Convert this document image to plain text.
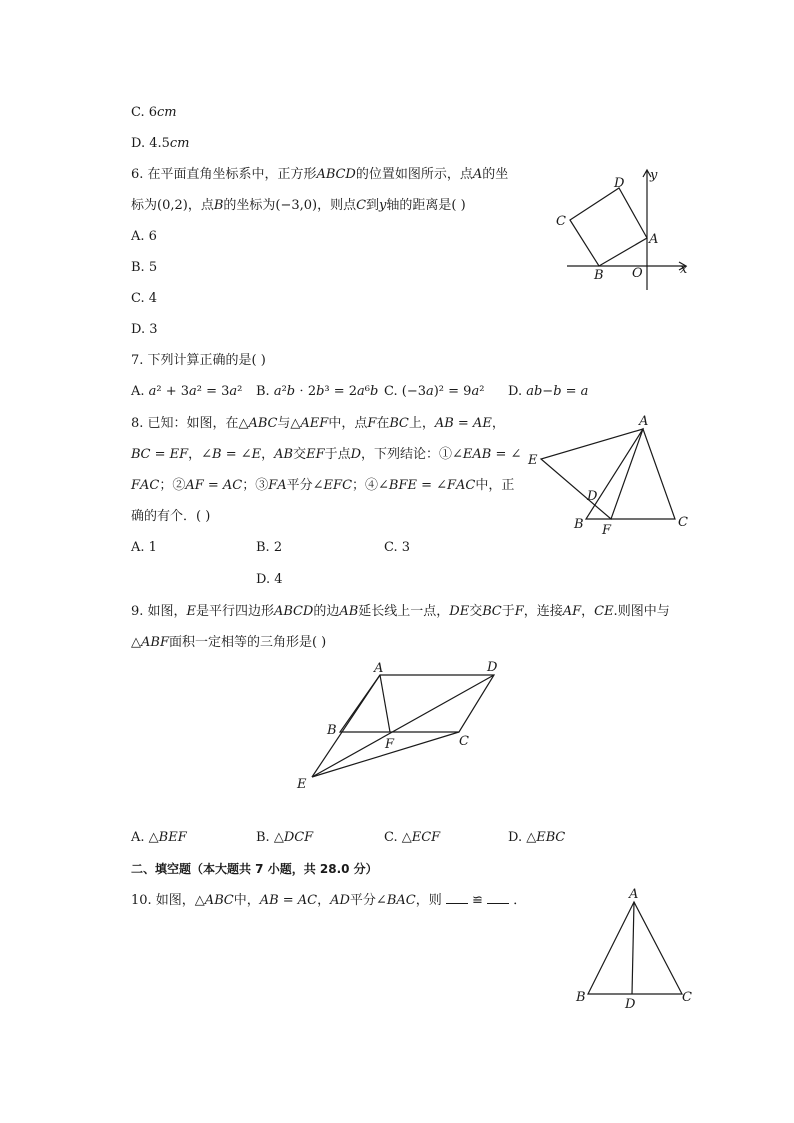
C. 6𝑐𝑚
D. 4.5𝑐𝑚
6. 在平面直角坐标系中，正方形𝐴𝐵𝐶𝐷的位置如图所示，点𝐴的坐
标为(0,2)，点𝐵的坐标为(−3,0)，则点𝐶到𝑦轴的距离是( )
A. 6
B. 5
C. 4
D. 3
D
C
A
B O	x
y
7. 下列计算正确的是( )
A. 𝑎² + 3𝑎² = 3𝑎² B. 𝑎²𝑏 ⋅ 2𝑏³ = 2𝑎⁶𝑏 C. (−3𝑎)² = 9𝑎² D. 𝑎𝑏−𝑏 = 𝑎
8. 已知：如图，在△𝐴𝐵𝐶与△𝐴𝐸𝐹中，点𝐹在𝐵𝐶上，𝐴𝐵 = 𝐴𝐸，
𝐵𝐶 = 𝐸𝐹，∠𝐵 = ∠𝐸，𝐴𝐵交𝐸𝐹于点𝐷，下列结论：①∠𝐸𝐴𝐵 = ∠
𝐹𝐴𝐶；②𝐴𝐹 = 𝐴𝐶；③𝐹𝐴平分∠𝐸𝐹𝐶；④∠𝐵𝐹𝐸 = ∠𝐹𝐴𝐶中，正
确的有个．( )
A. 1	B. 2	C. 3
D. 4
A
E
D
B F
C
9. 如图，𝐸是平行四边形𝐴𝐵𝐶𝐷的边𝐴𝐵延长线上一点，𝐷𝐸交𝐵𝐶于𝐹，连接𝐴𝐹，𝐶𝐸.则图中与
△𝐴𝐵𝐹面积一定相等的三角形是( )
A	D
B
F	C
E
A. △𝐵𝐸𝐹	B. △𝐷𝐶𝐹	C. △𝐸𝐶𝐹	D. △𝐸𝐵𝐶
二、填空题（本大题共 7 小题，共 28.0 分）
10. 如图，△𝐴𝐵𝐶中，𝐴𝐵 = 𝐴𝐶，𝐴𝐷平分∠𝐵𝐴𝐶，则 ≌ ．	A
B	D	C
